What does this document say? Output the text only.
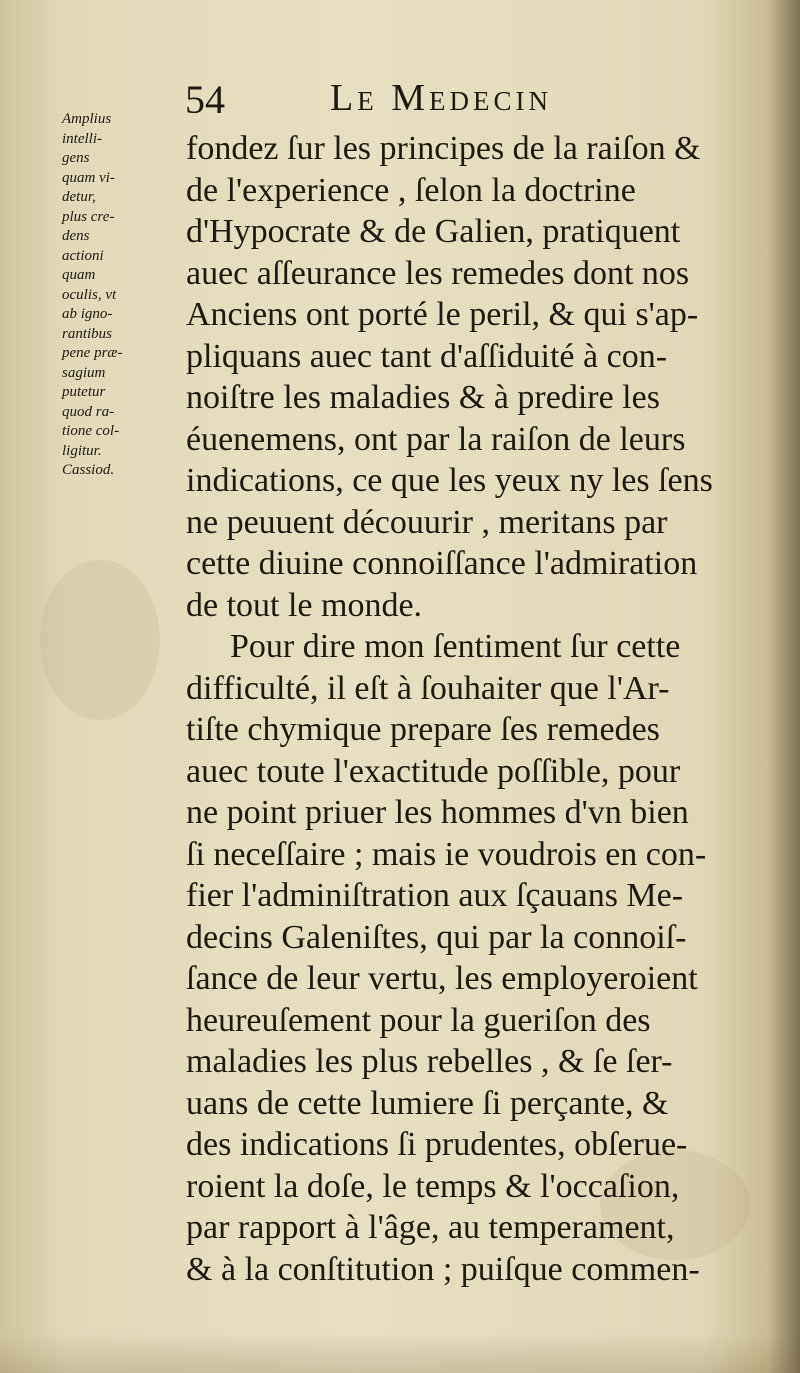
54	Le Medecin
Amplius
intelli-
gens
quam vi-
detur,
plus cre-
dens
actioni
quam
oculis, vt
ab igno-
rantibus
pene præ-
sagium
putetur
quod ra-
tione col-
ligitur.
Cassiod.
fondez ſur les principes de la raiſon &
de l'experience , ſelon la doctrine
d'Hypocrate & de Galien, pratiquent
auec aſſeurance les remedes dont nos
Anciens ont porté le peril, & qui s'ap-
pliquans auec tant d'aſſiduité à con-
noiſtre les maladies & à predire les
éuenemens, ont par la raiſon de leurs
indications, ce que les yeux ny les ſens
ne peuuent découurir , meritans par
cette diuine connoiſſance l'admiration
de tout le monde.
Pour dire mon ſentiment ſur cette
difficulté, il eſt à ſouhaiter que l'Ar-
tiſte chymique prepare ſes remedes
auec toute l'exactitude poſſible, pour
ne point priuer les hommes d'vn bien
ſi neceſſaire ; mais ie voudrois en con-
fier l'adminiſtration aux ſçauans Me-
decins Galeniſtes, qui par la connoiſ-
ſance de leur vertu, les employeroient
heureuſement pour la gueriſon des
maladies les plus rebelles , & ſe ſer-
uans de cette lumiere ſi perçante, &
des indications ſi prudentes, obſerue-
roient la doſe, le temps & l'occaſion,
par rapport à l'âge, au temperament,
& à la conſtitution ; puiſque commen-
